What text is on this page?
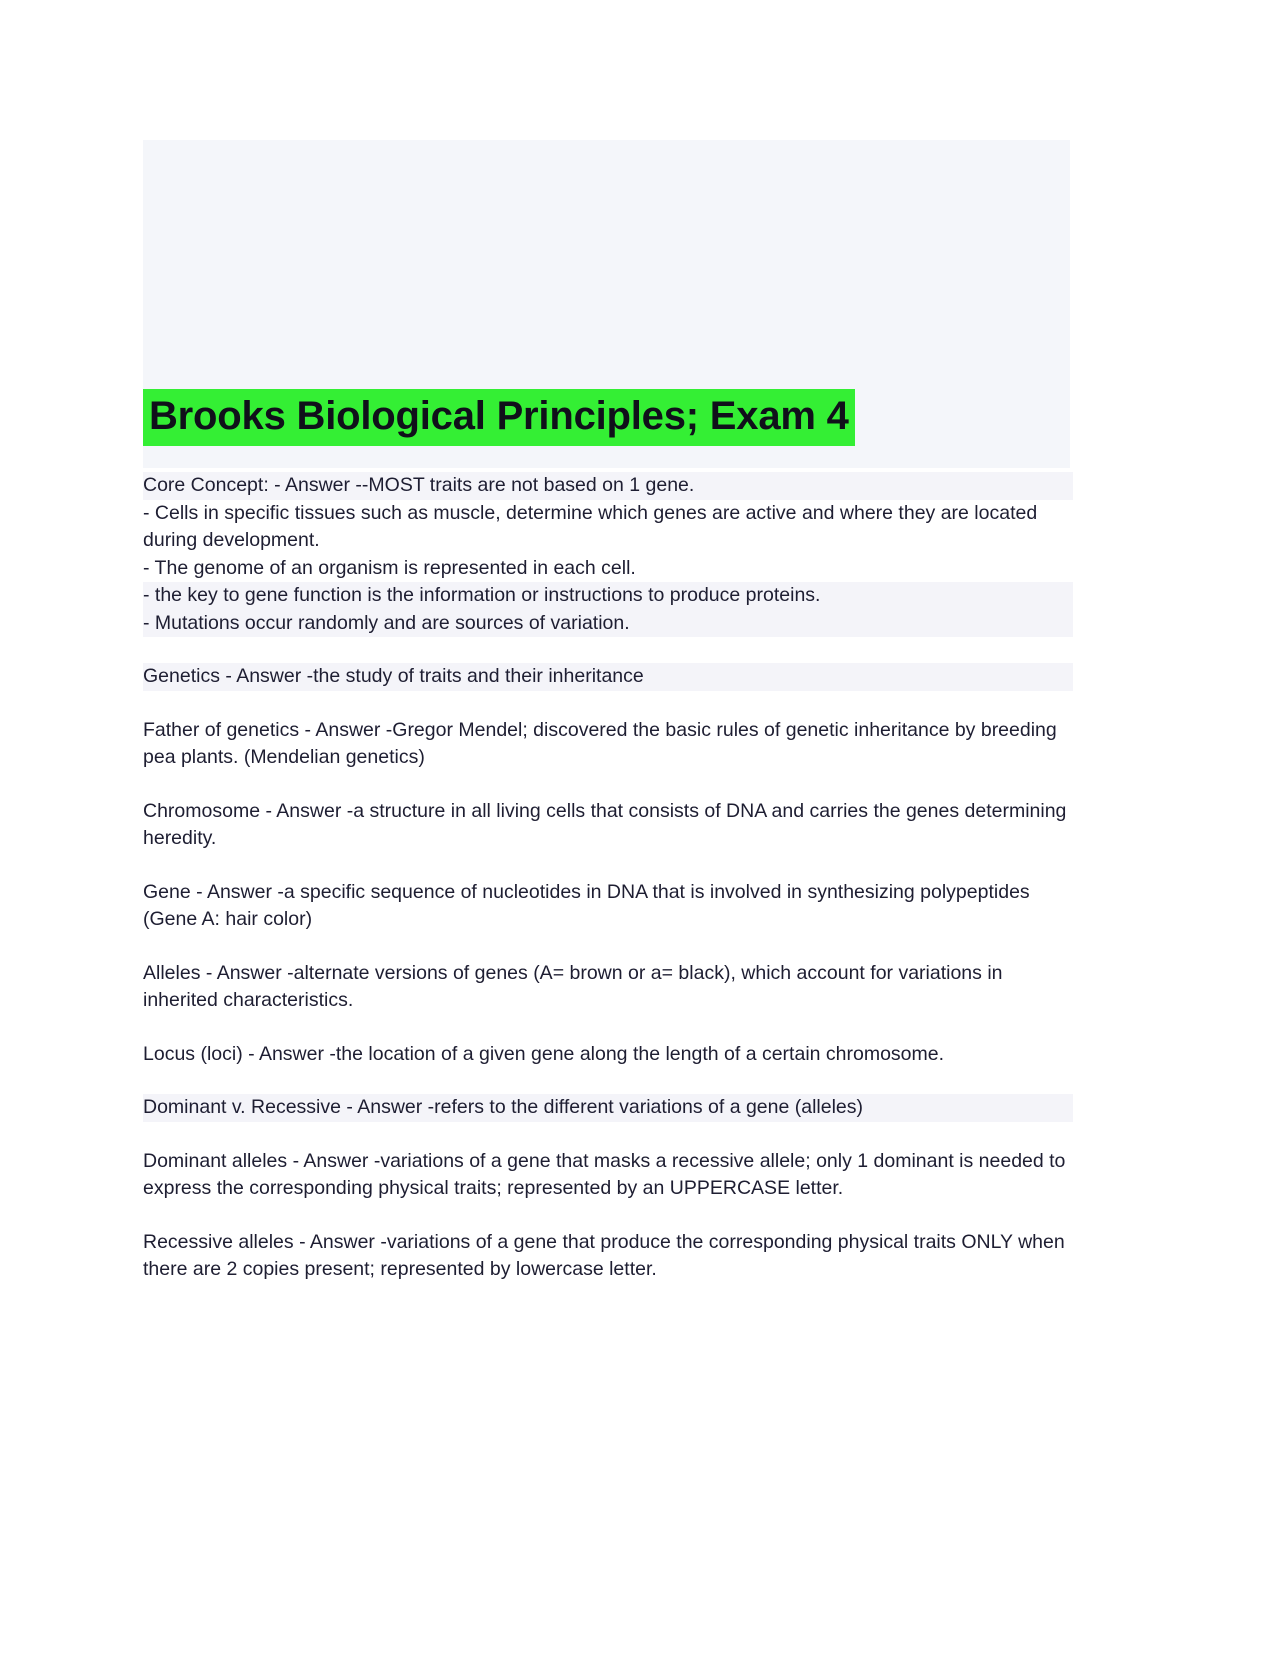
Brooks Biological Principles; Exam 4

Core Concept: - Answer --MOST traits are not based on 1 gene.

- Cells in specific tissues such as muscle, determine which genes are active and where they are located during development.

- The genome of an organism is represented in each cell.

- the key to gene function is the information or instructions to produce proteins.

- Mutations occur randomly and are sources of variation.

Genetics - Answer -the study of traits and their inheritance

Father of genetics - Answer -Gregor Mendel; discovered the basic rules of genetic inheritance by breeding pea plants. (Mendelian genetics)

Chromosome - Answer -a structure in all living cells that consists of DNA and carries the genes determining heredity.

Gene - Answer -a specific sequence of nucleotides in DNA that is involved in synthesizing polypeptides (Gene A: hair color)

Alleles - Answer -alternate versions of genes (A= brown or a= black), which account for variations in inherited characteristics.

Locus (loci) - Answer -the location of a given gene along the length of a certain chromosome.

Dominant v. Recessive - Answer -refers to the different variations of a gene (alleles)

Dominant alleles - Answer -variations of a gene that masks a recessive allele; only 1 dominant is needed to express the corresponding physical traits; represented by an UPPERCASE letter.

Recessive alleles - Answer -variations of a gene that produce the corresponding physical traits ONLY when there are 2 copies present; represented by lowercase letter.
